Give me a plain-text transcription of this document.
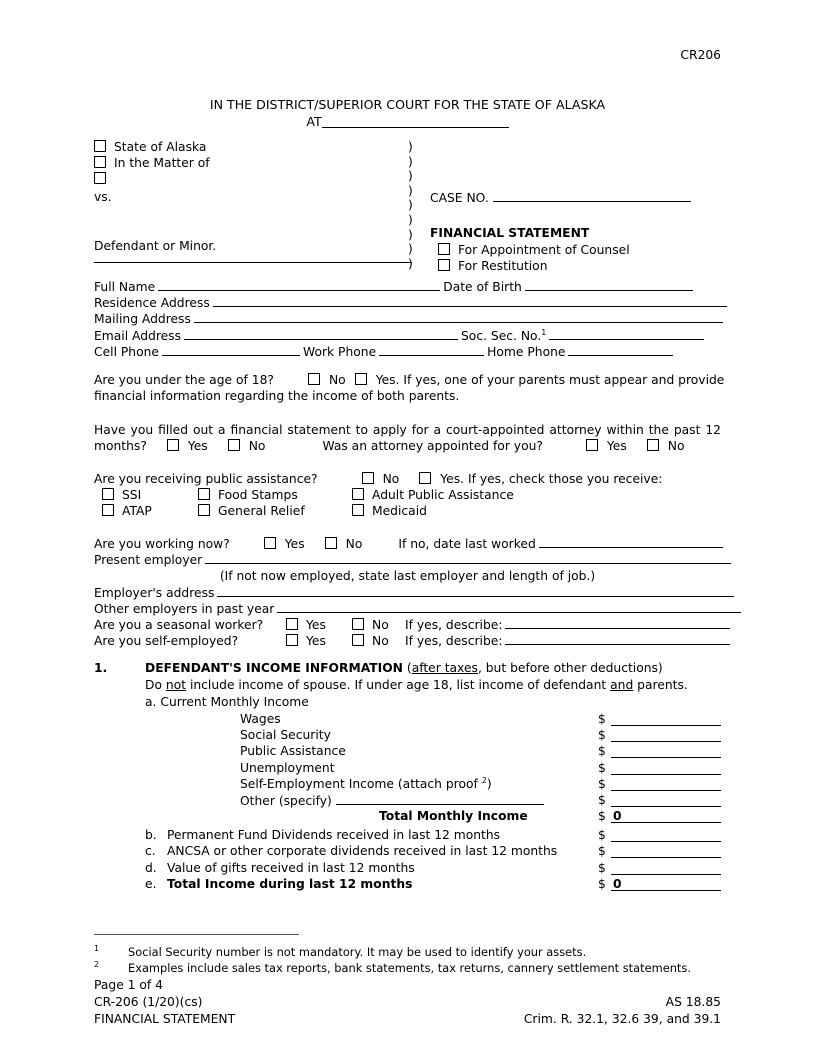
CR206
IN THE DISTRICT/SUPERIOR COURT FOR THE STATE OF ALASKA
AT
State of Alaska
In the Matter of
vs.
Defendant or Minor.
)
)
)
)
)
)
)
)
)
CASE NO.
FINANCIAL STATEMENT
For Appointment of Counsel
For Restitution
Full Name	Date of Birth
Residence Address
Mailing Address
Email Address	Soc. Sec. No.$^1$
Cell Phone	Work Phone	Home Phone
Are you under the age of 18?	No Yes. If yes, one of your parents must appear and provide
financial information regarding the income of both parents.
Have you filled out a financial statement to apply for a court-appointed attorney within the past 12
months?	Yes	No	Was an attorney appointed for you?	Yes	No
Are you receiving public assistance?	No	Yes. If yes, check those you receive:
SSI	Food Stamps	Adult Public Assistance
ATAP	General Relief	Medicaid
Are you working now?	Yes	No	If no, date last worked
Present employer
(If not now employed, state last employer and length of job.)
Employer's address
Other employers in past year
Are you a seasonal worker?	Yes	No If yes, describe:
Are you self-employed?	Yes	No If yes, describe:
1.	DEFENDANT'S INCOME INFORMATION (after taxes, but before other deductions)
Do not include income of spouse. If under age 18, list income of defendant and parents.
a. Current Monthly Income
Wages	$
Social Security	$
Public Assistance	$
Unemployment	$
Self-Employment Income (attach proof $^2$)	$
Other (specify)	$
Total Monthly Income	$ 0
b. Permanent Fund Dividends received in last 12 months	$
c. ANCSA or other corporate dividends received in last 12 months	$
d. Value of gifts received in last 12 months	$
e. Total Income during last 12 months	$ 0
1	Social Security number is not mandatory. It may be used to identify your assets.
2	Examples include sales tax reports, bank statements, tax returns, cannery settlement statements.
Page 1 of 4
CR-206 (1/20)(cs)	AS 18.85
FINANCIAL STATEMENT	Crim. R. 32.1, 32.6 39, and 39.1
